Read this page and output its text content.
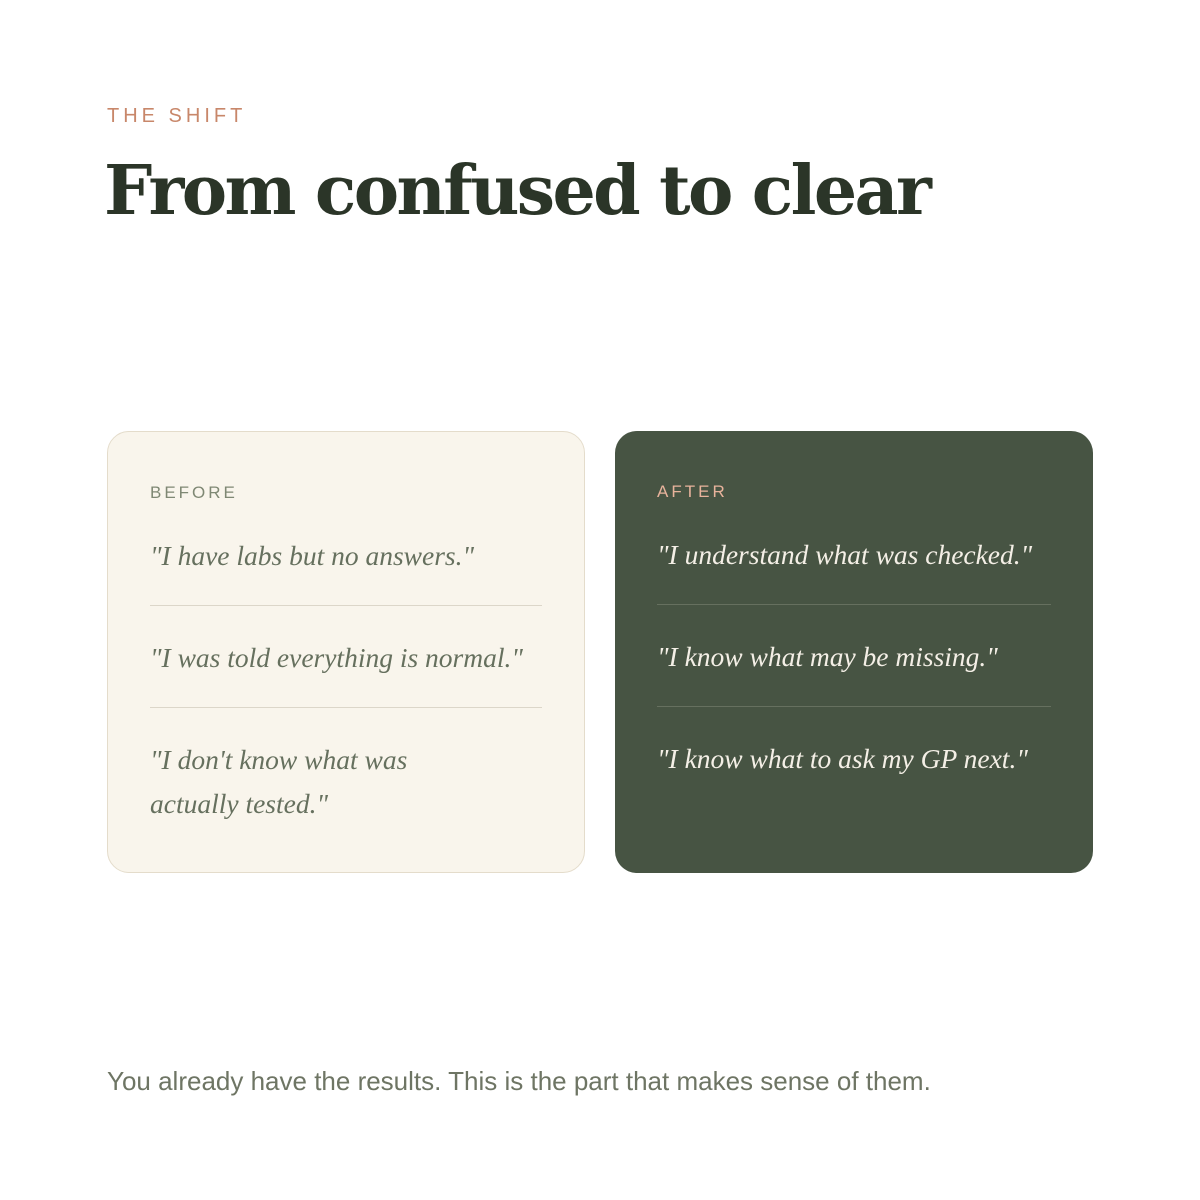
THE SHIFT
From confused to clear
BEFORE
"I have labs but no answers."
"I was told everything is normal."
"I don't know what was actually tested."
AFTER
"I understand what was checked."
"I know what may be missing."
"I know what to ask my GP next."
You already have the results. This is the part that makes sense of them.
